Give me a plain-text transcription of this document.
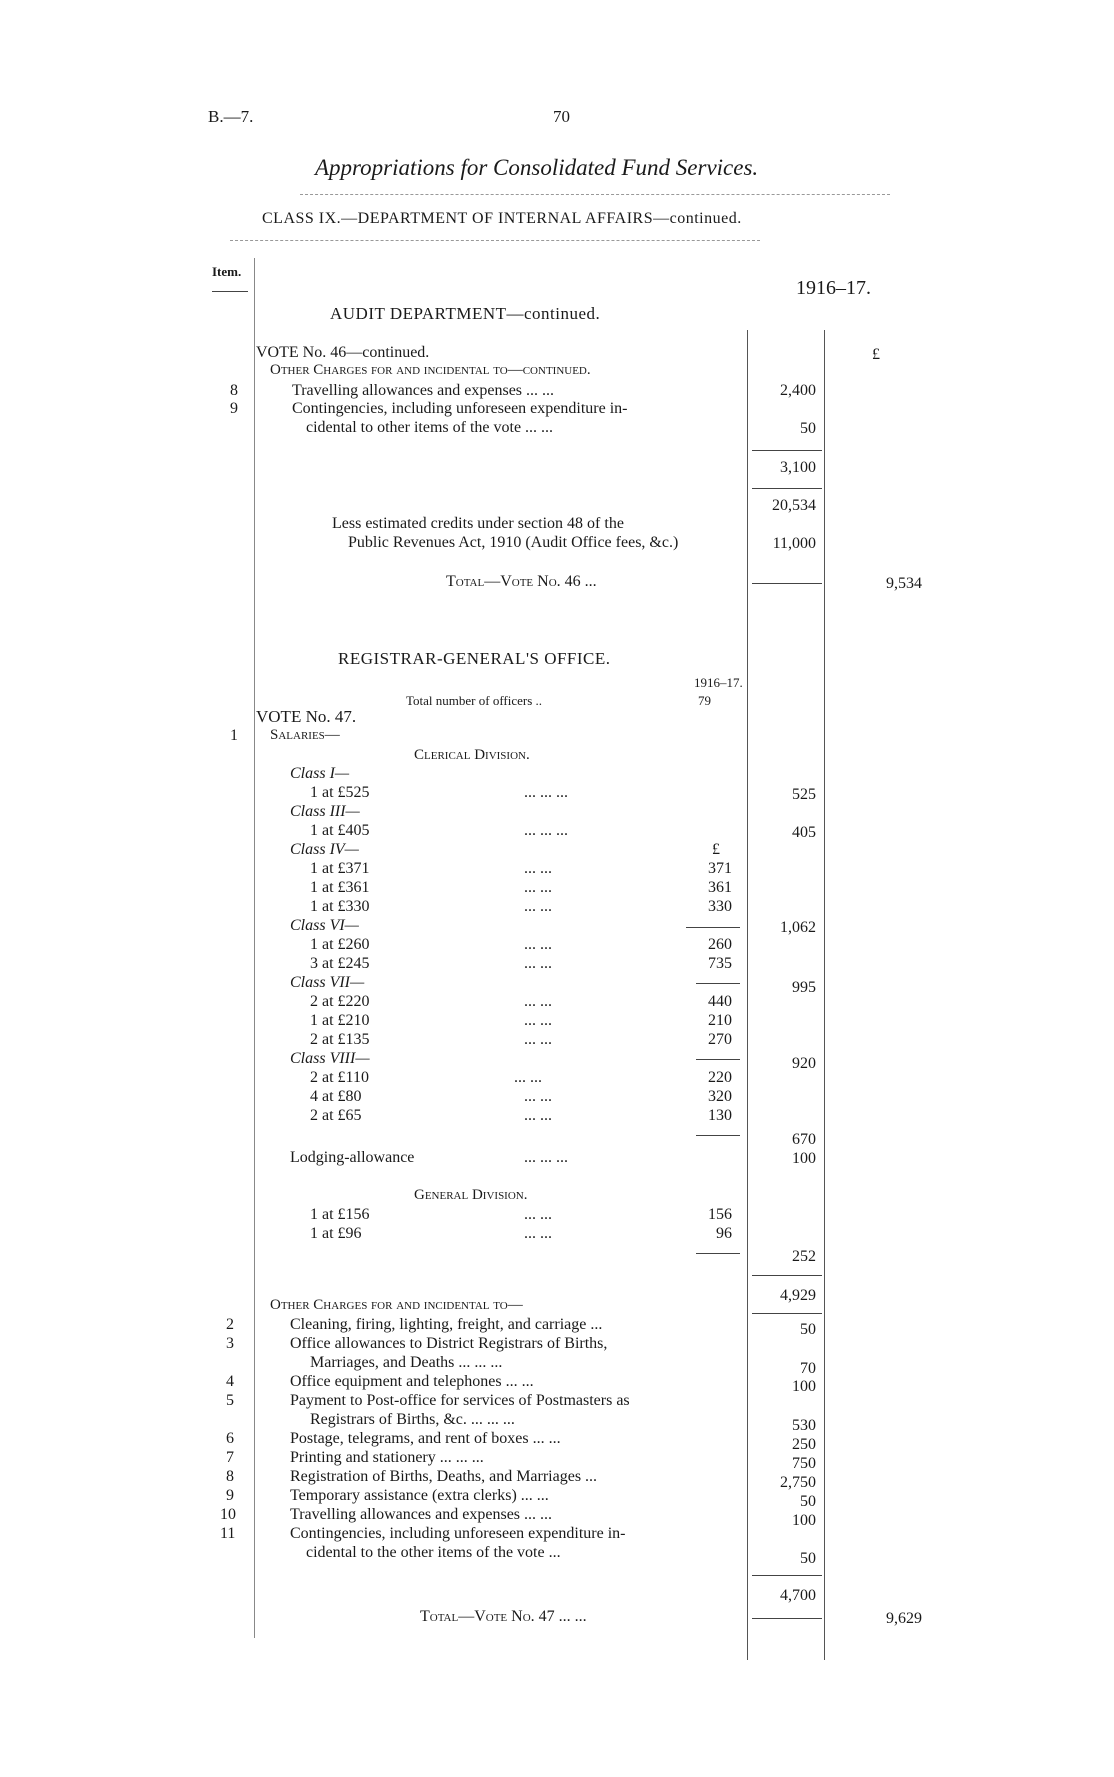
B.—7.	70
Appropriations for Consolidated Fund Services.
CLASS IX.—DEPARTMENT OF INTERNAL AFFAIRS—continued.
Item.
1916–17.
£
AUDIT DEPARTMENT—continued.
VOTE No. 46—continued.
Other Charges for and incidental to—continued.
8	Travelling allowances and expenses ... ...	2,400
9	Contingencies, including unforeseen expenditure in-
cidental to other items of the vote ... ...	50
3,100
20,534
Less estimated credits under section 48 of the
Public Revenues Act, 1910 (Audit Office fees, &c.)	11,000
Total—Vote No. 46 ...	9,534
REGISTRAR-GENERAL'S OFFICE.
1916–17.
Total number of officers ..	79
VOTE No. 47.
1 Salaries—
Clerical Division.
Class I—
1 at £525	... ... ...	525
Class III—
1 at £405	... ... ...	405
Class IV—	£
1 at £371	... ...	371
1 at £361	... ...	361
1 at £330	... ...	330
1,062
Class VI—
1 at £260	... ...	260
3 at £245	... ...	735
995
Class VII—
2 at £220	... ...	440
1 at £210	... ...	210
2 at £135	... ...	270
920
Class VIII—
2 at £110	... ...	220
4 at £80	... ...	320
2 at £65	... ...	130
670
Lodging-allowance	... ... ...	100
General Division.
1 at £156	... ...	156
1 at £96	... ...	96
252
4,929
Other Charges for and incidental to—
2	Cleaning, firing, lighting, freight, and carriage ...	50
3	Office allowances to District Registrars of Births,
Marriages, and Deaths ... ... ...	70
4	Office equipment and telephones ... ...	100
5	Payment to Post-office for services of Postmasters as
Registrars of Births, &c. ... ... ...	530
6	Postage, telegrams, and rent of boxes ... ...	250
7	Printing and stationery ... ... ...	750
8	Registration of Births, Deaths, and Marriages ...	2,750
9	Temporary assistance (extra clerks) ... ...	50
10	Travelling allowances and expenses ... ...	100
11	Contingencies, including unforeseen expenditure in-
cidental to the other items of the vote ...	50
4,700
Total—Vote No. 47 ... ...	9,629
